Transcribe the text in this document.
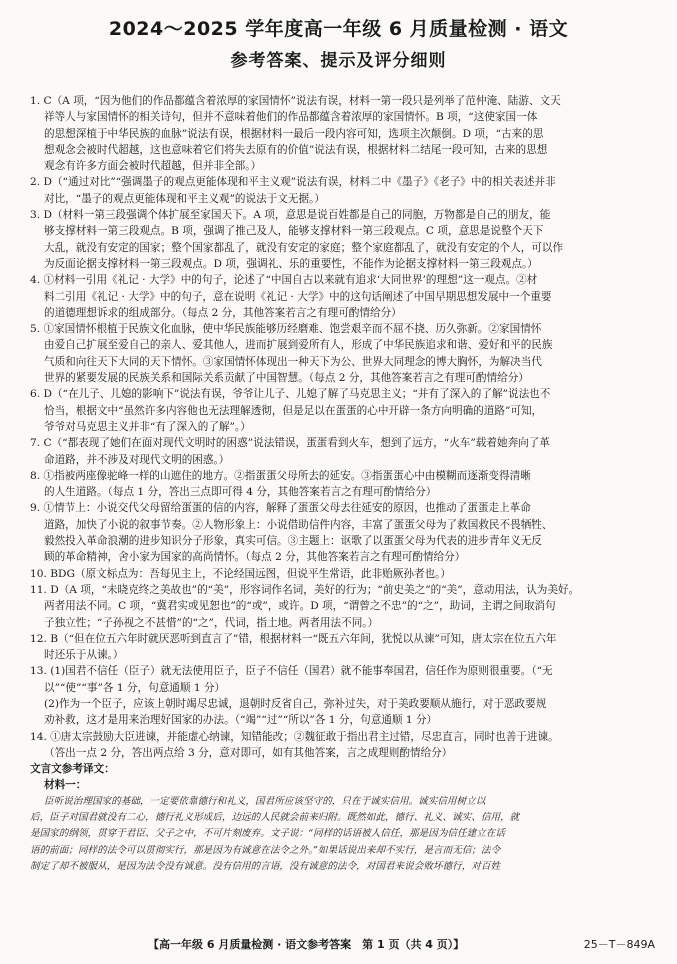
2024～2025 学年度高一年级 6 月质量检测 · 语文
参考答案、提示及评分细则
1. C（A 项，“因为他们的作品都蕴含着浓厚的家国情怀”说法有误，材料一第一段只是列举了范仲淹、陆游、文天
祥等人与家国情怀的相关诗句，但并不意味着他们的作品都蕴含着浓厚的家国情怀。B 项，“这使家国一体
的思想深植于中华民族的血脉”说法有误，根据材料一最后一段内容可知，选项主次颠倒。D 项，“古来的思
想观念会被时代超越，这也意味着它们将失去原有的价值”说法有误，根据材料二结尾一段可知，古来的思想
观念有许多方面会被时代超越，但并非全部。）
2. D（“通过对比”“强调墨子的观点更能体现和平主义观”说法有误，材料二中《墨子》《老子》中的相关表述并非
对比，“墨子的观点更能体现和平主义观”的说法于文无据。）
3. D（材料一第三段强调个体扩展至家国天下。A 项，意思是说百姓都是自己的同胞，万物都是自己的朋友，能
够支撑材料一第三段观点。B 项，强调了推己及人，能够支撑材料一第三段观点。C 项，意思是说整个天下
大乱，就没有安定的国家；整个国家都乱了，就没有安定的家庭；整个家庭都乱了，就没有安定的个人，可以作
为反面论据支撑材料一第三段观点。D 项，强调礼、乐的重要性，不能作为论据支撑材料一第三段观点。）
4. ①材料一引用《礼记 · 大学》中的句子，论述了“中国自古以来就有追求‘大同世界’的理想”这一观点。②材
料二引用《礼记 · 大学》中的句子，意在说明《礼记 · 大学》中的这句话阐述了中国早期思想发展中一个重要
的道德理想诉求的组成部分。（每点 2 分，其他答案若言之有理可酌情给分）
5. ①家国情怀根植于民族文化血脉，使中华民族能够历经磨难、饱尝艰辛而不屈不挠、历久弥新。②家国情怀
由爱自己扩展至爱自己的亲人、爱其他人，进而扩展到爱所有人，形成了中华民族追求和谐、爱好和平的民族
气质和向往天下大同的天下情怀。③家国情怀体现出一种天下为公、世界大同理念的博大胸怀，为解决当代
世界的紧要发展的民族关系和国际关系贡献了中国智慧。（每点 2 分，其他答案若言之有理可酌情给分）
6. D（“在儿子、儿媳的影响下”说法有误，爷爷让儿子、儿媳了解了马克思主义；“并有了深入的了解”说法也不
恰当，根据文中“虽然许多内容他也无法理解透彻，但是足以在蛋蛋的心中开辟一条方向明确的道路”可知，
爷爷对马克思主义并非“有了深入的了解”。）
7. C（“都表现了她们在面对现代文明时的困惑”说法错误，蛋蛋看到火车，想到了远方，“火车”载着她奔向了革
命道路，并不涉及对现代文明的困惑。）
8. ①指被两座像驼峰一样的山遮住的地方。②指蛋蛋父母所去的延安。③指蛋蛋心中由模糊而逐渐变得清晰
的人生道路。（每点 1 分，答出三点即可得 4 分，其他答案若言之有理可酌情给分）
9. ①情节上：小说交代父母留给蛋蛋的信的内容，解释了蛋蛋父母去往延安的原因，也推动了蛋蛋走上革命
道路，加快了小说的叙事节奏。②人物形象上：小说借助信件内容，丰富了蛋蛋父母为了救国救民不畏牺牲、
毅然投入革命浪潮的进步知识分子形象，真实可信。③主题上：讴歌了以蛋蛋父母为代表的进步青年义无反
顾的革命精神，舍小家为国家的高尚情怀。（每点 2 分，其他答案若言之有理可酌情给分）
10. BDG（原文标点为：吾每见主上，不论经国远图，但说平生常语，此非贻厥孙者也。）
11. D（A 项，“未晓克终之美故也”的“美”，形容词作名词，美好的行为；“前史美之”的“美”，意动用法，认为美好。
两者用法不同。C 项，“冀君实或见恕也”的“或”，或许。D 项，“谓曾之不忠”的“之”，助词，主谓之间取消句
子独立性；“子孙视之不甚惜”的“之”，代词，指土地。两者用法不同。）
12. B（“但在位五六年时就厌恶听到直言了”错，根据材料一“既五六年间，犹悦以从谏”可知，唐太宗在位五六年
时还乐于从谏。）
13. (1)国君不信任（臣子）就无法使用臣子，臣子不信任（国君）就不能事奉国君，信任作为原则很重要。（“无
以”“使”“事”各 1 分，句意通顺 1 分）
(2)作为一个臣子，应该上朝时竭尽忠诚，退朝时反省自己，弥补过失，对于美政要顺从施行，对于恶政要规
劝补救，这才是用来治理好国家的办法。（“竭”“过”“所以”各 1 分，句意通顺 1 分）
14. ①唐太宗鼓励大臣进谏，并能虚心纳谏，知错能改；②魏征敢于指出君主过错，尽忠直言，同时也善于进谏。
（答出一点 2 分，答出两点给 3 分，意对即可，如有其他答案，言之成理则酌情给分）
文言文参考译文：
材料一：
臣听说治理国家的基础，一定要依靠德行和礼义，国君所应该坚守的，只在于诚实信用。诚实信用树立以
后，臣子对国君就没有二心，德行礼义形成后，边远的人民就会前来归附。既然如此，德行、礼义、诚实、信用，就
是国家的纲领，贯穿于君臣、父子之中，不可片刻废弃。文子说：“同样的话语被人信任，那是因为信任建立在话
语的前面；同样的法令可以贯彻实行，那是因为有诚意在法令之外。”如果话说出来却不实行，是言而无信；法令
制定了却不被服从，是因为法令没有诚意。没有信用的言语，没有诚意的法令，对国君来说会败坏德行，对百姓
【高一年级 6 月质量检测 · 语文参考答案　第 1 页（共 4 页）】	25－T－849A
